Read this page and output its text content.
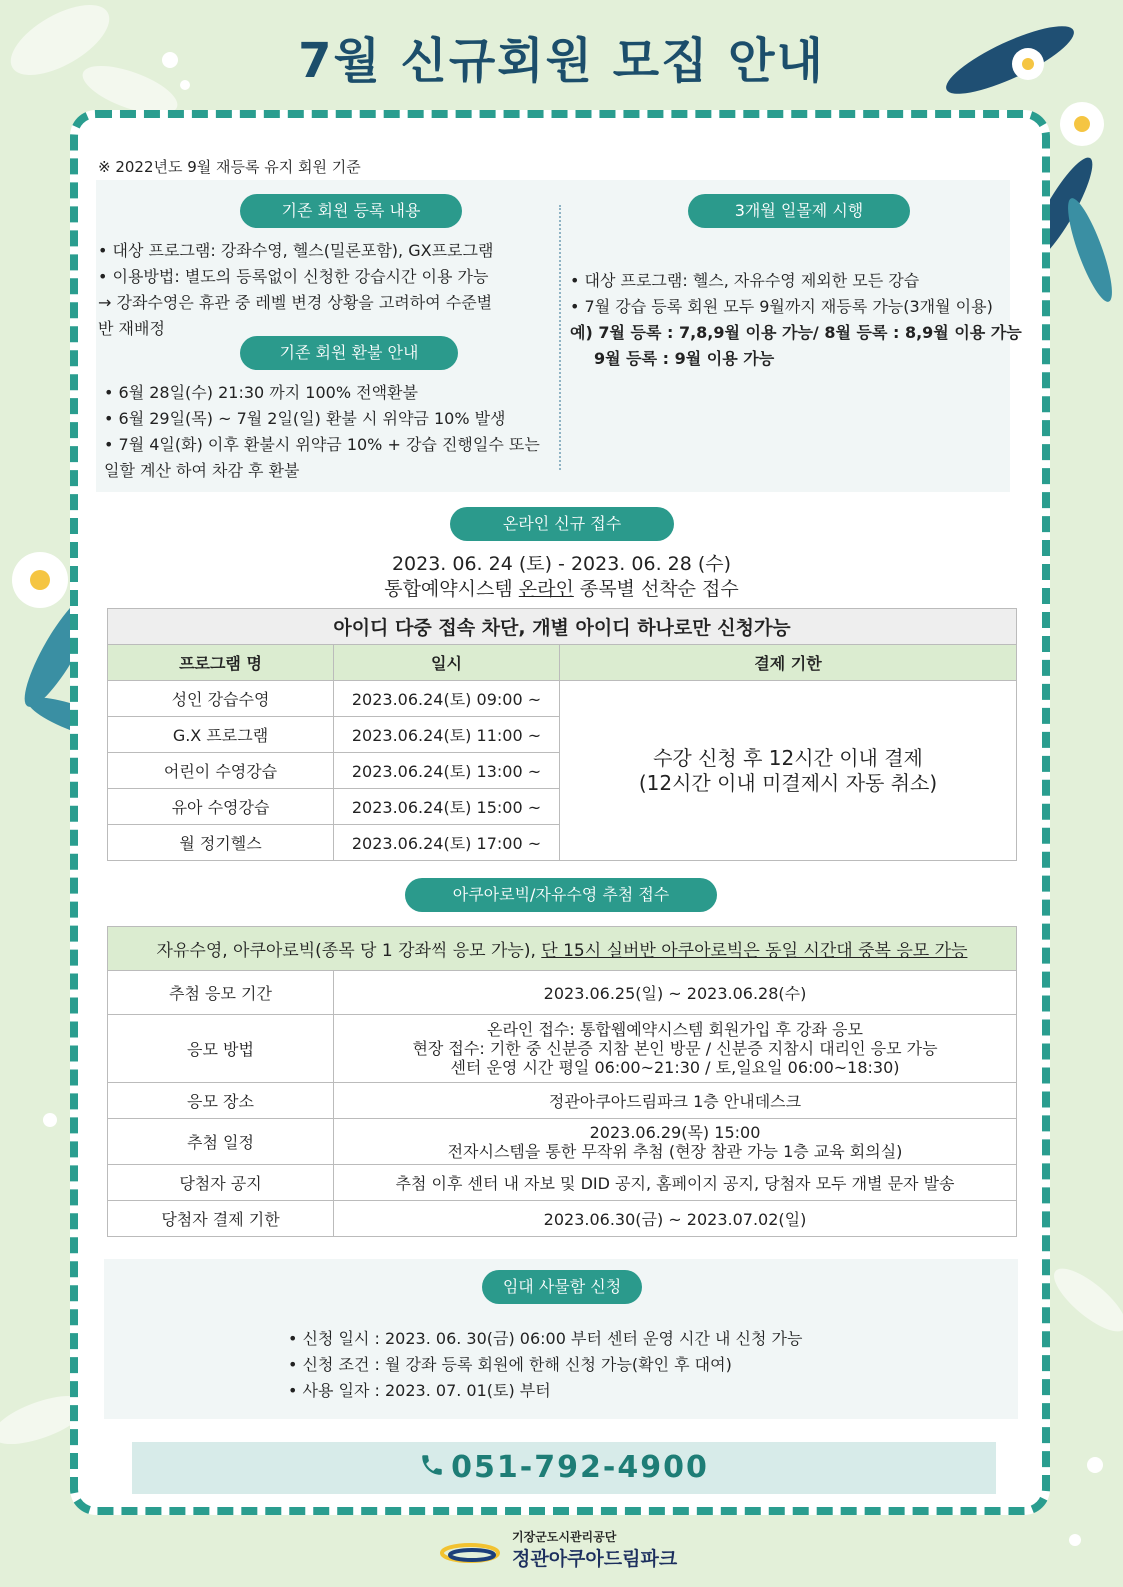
7월 신규회원 모집 안내
※ 2022년도 9월 재등록 유지 회원 기준
기존 회원 등록 내용
• 대상 프로그램: 강좌수영, 헬스(밀론포함), GX프로그램
• 이용방법: 별도의 등록없이 신청한 강습시간 이용 가능
→ 강좌수영은 휴관 중 레벨 변경 상황을 고려하여 수준별
반 재배정
기존 회원 환불 안내
• 6월 28일(수) 21:30 까지 100% 전액환불
• 6월 29일(목) ~ 7월 2일(일) 환불 시 위약금 10% 발생
• 7월 4일(화) 이후 환불시 위약금 10% + 강습 진행일수 또는
일할 계산 하여 차감 후 환불
3개월 일몰제 시행
• 대상 프로그램: 헬스, 자유수영 제외한 모든 강습
• 7월 강습 등록 회원 모두 9월까지 재등록 가능(3개월 이용)
예) 7월 등록 : 7,8,9월 이용 가능/ 8월 등록 : 8,9월 이용 가능
9월 등록 : 9월 이용 가능
온라인 신규 접수
2023. 06. 24 (토) - 2023. 06. 28 (수)
통합예약시스템 온라인 종목별 선착순 접수
아이디 다중 접속 차단, 개별 아이디 하나로만 신청가능		
프로그램 명	일시	결제 기한
성인 강습수영	2023.06.24(토) 09:00 ~	수강 신청 후 12시간 이내 결제
(12시간 이내 미결제시 자동 취소)

G.X 프로그램	2023.06.24(토) 11:00 ~	
어린이 수영강습	2023.06.24(토) 13:00 ~	
유아 수영강습	2023.06.24(토) 15:00 ~	
월 정기헬스	2023.06.24(토) 17:00 ~	
아쿠아로빅/자유수영 추첨 접수
자유수영, 아쿠아로빅(종목 당 1 강좌씩 응모 가능), 단 15시 실버반 아쿠아로빅은 동일 시간대 중복 응모 가능	
추첨 응모 기간	2023.06.25(일) ~ 2023.06.28(수)
응모 방법	온라인 접수: 통합웹예약시스템 회원가입 후 강좌 응모
현장 접수: 기한 중 신분증 지참 본인 방문 / 신분증 지참시 대리인 응모 가능
센터 운영 시간 평일 06:00~21:30 / 토,일요일 06:00~18:30)

응모 장소	정관아쿠아드림파크 1층 안내데스크
추첨 일정	2023.06.29(목) 15:00
전자시스템을 통한 무작위 추첨 (현장 참관 가능 1층 교육 회의실)

당첨자 공지	추첨 이후 센터 내 자보 및 DID 공지, 홈페이지 공지, 당첨자 모두 개별 문자 발송
당첨자 결제 기한	2023.06.30(금) ~ 2023.07.02(일)
임대 사물함 신청
• 신청 일시 : 2023. 06. 30(금) 06:00 부터 센터 운영 시간 내 신청 가능
• 신청 조건 : 월 강좌 등록 회원에 한해 신청 가능(확인 후 대여)
• 사용 일자 : 2023. 07. 01(토) 부터
051-792-4900
기장군도시관리공단
정관아쿠아드림파크
